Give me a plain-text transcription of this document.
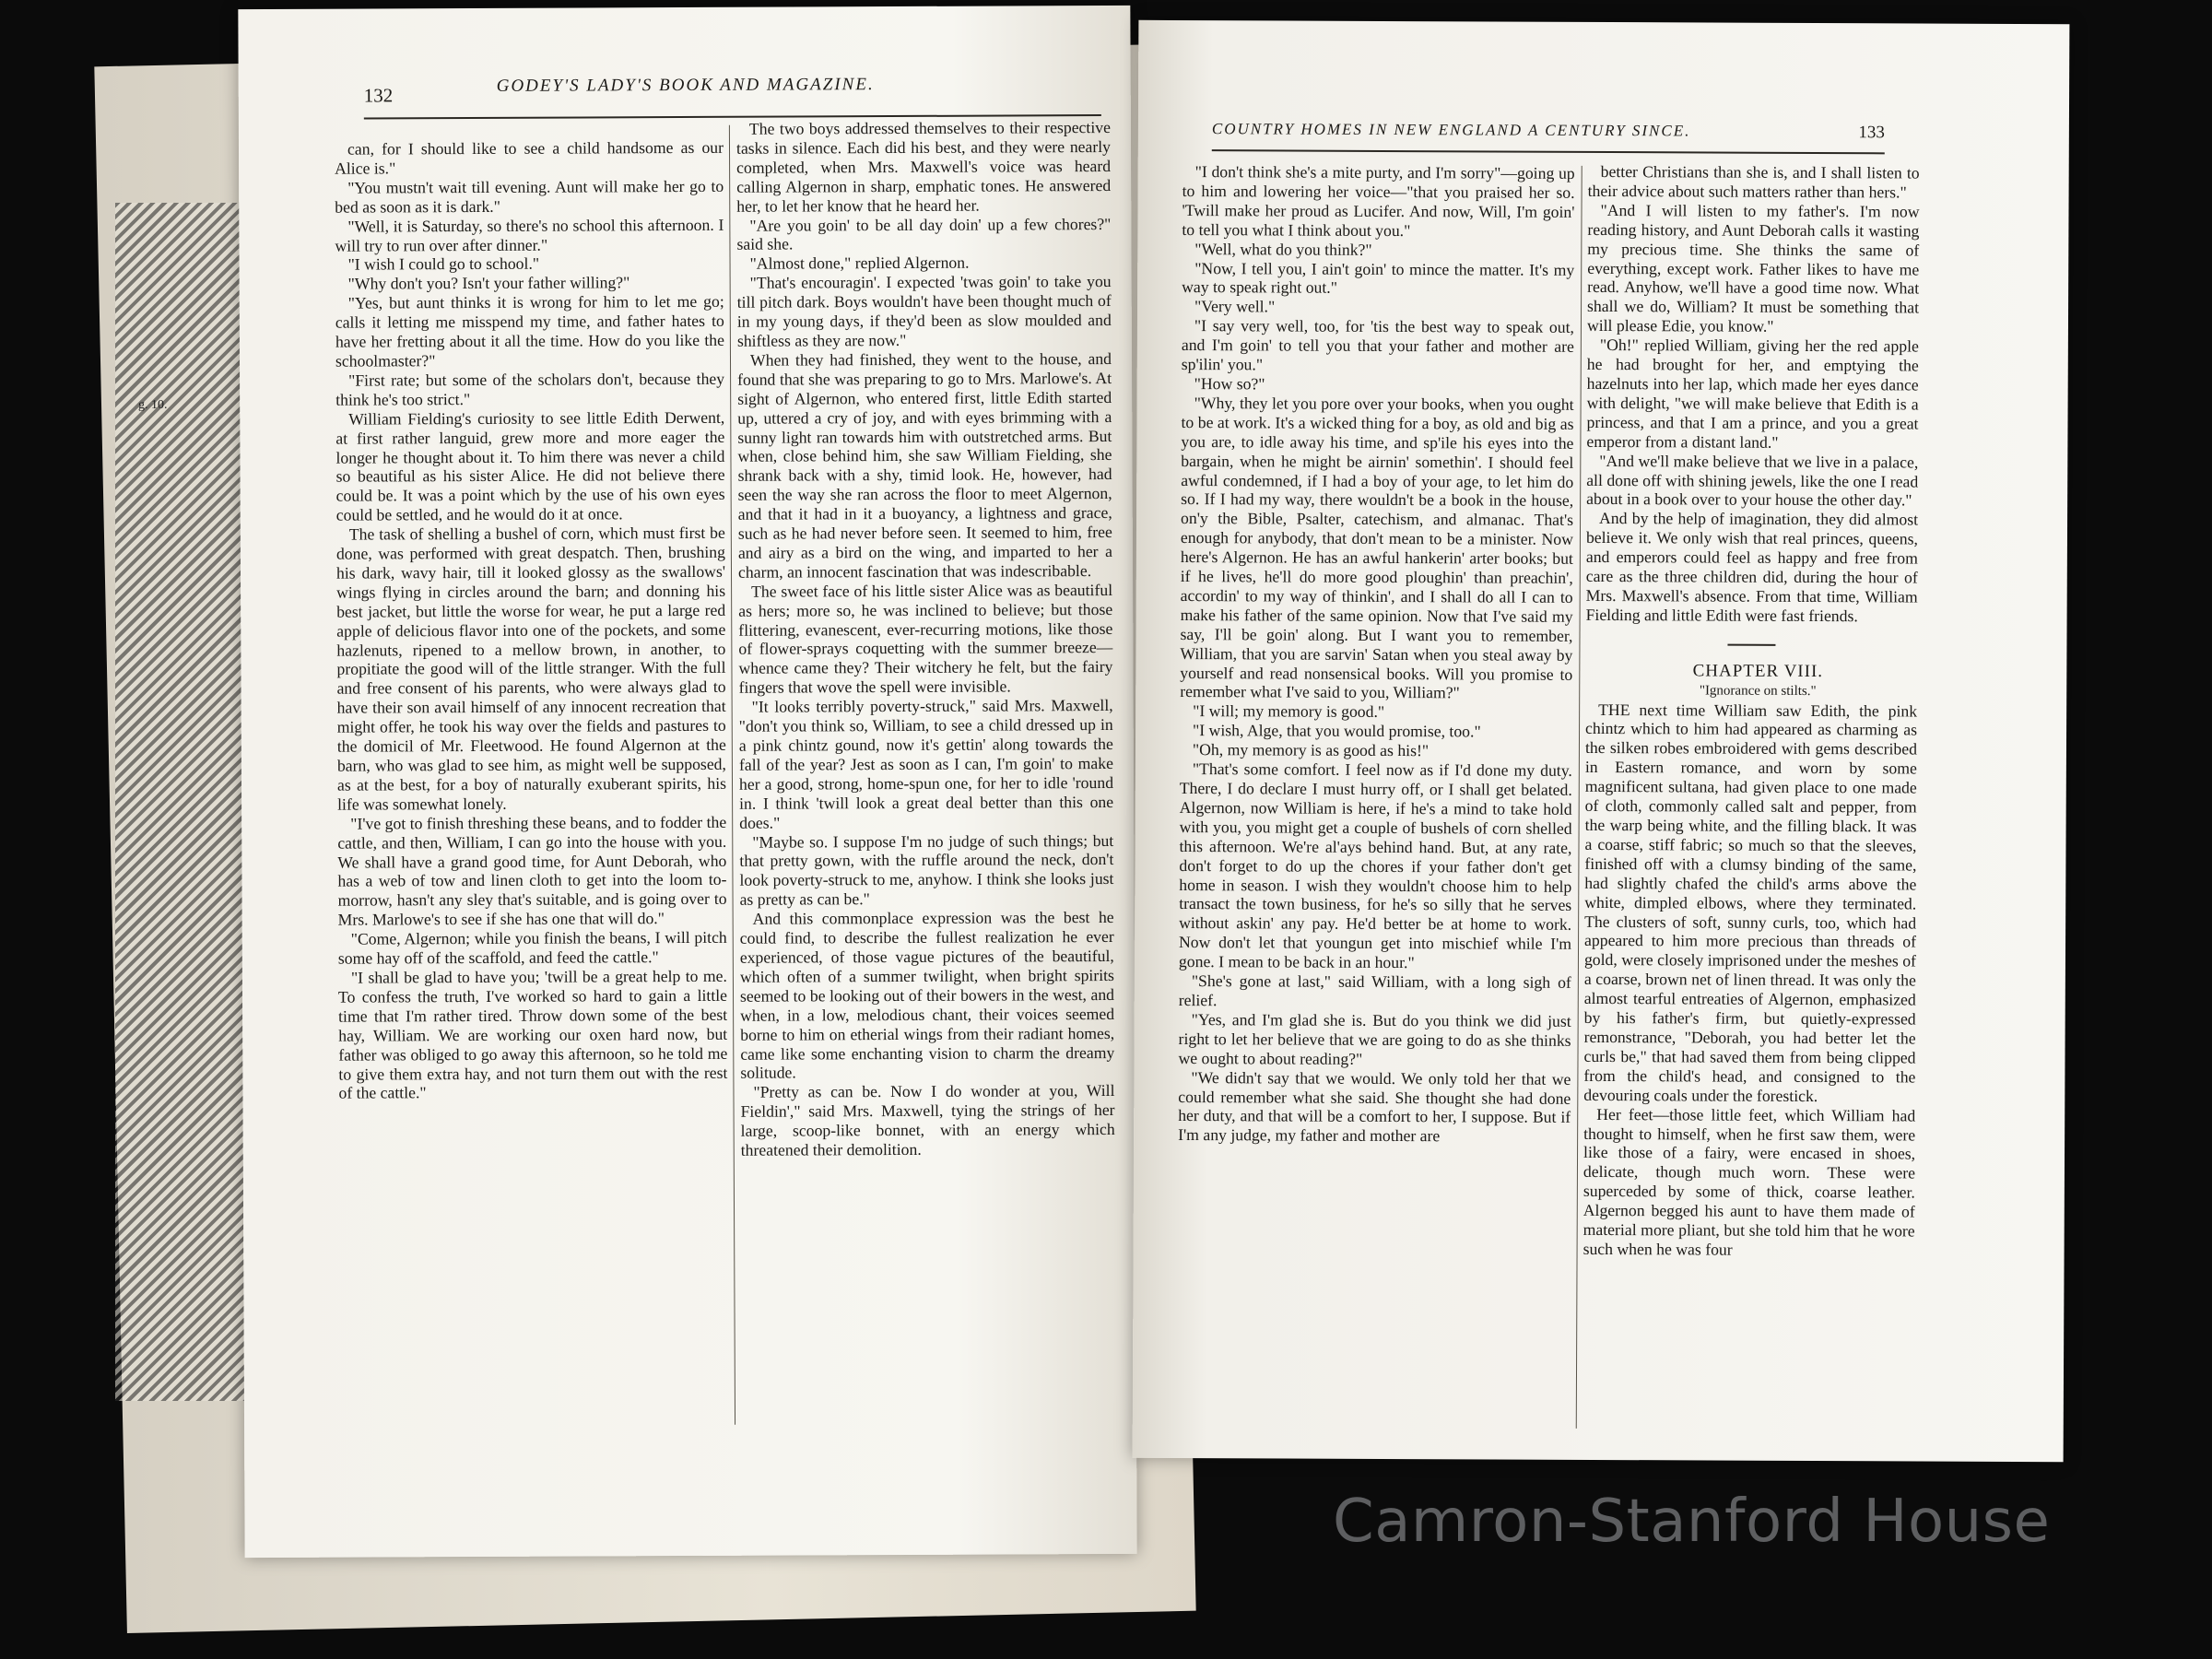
g. 10.
132	GODEY'S LADY'S BOOK AND MAGAZINE.

can, for I should like to see a child handsome as our Alice is."

"You mustn't wait till evening. Aunt will make her go to bed as soon as it is dark."

"Well, it is Saturday, so there's no school this afternoon. I will try to run over after dinner."

"I wish I could go to school."

"Why don't you? Isn't your father willing?"

"Yes, but aunt thinks it is wrong for him to let me go; calls it letting me misspend my time, and father hates to have her fretting about it all the time. How do you like the schoolmaster?"

"First rate; but some of the scholars don't, because they think he's too strict."

William Fielding's curiosity to see little Edith Derwent, at first rather languid, grew more and more eager the longer he thought about it. To him there was never a child so beautiful as his sister Alice. He did not believe there could be. It was a point which by the use of his own eyes could be settled, and he would do it at once.

The task of shelling a bushel of corn, which must first be done, was performed with great despatch. Then, brushing his dark, wavy hair, till it looked glossy as the swallows' wings flying in circles around the barn; and donning his best jacket, but little the worse for wear, he put a large red apple of delicious flavor into one of the pockets, and some hazlenuts, ripened to a mellow brown, in another, to propitiate the good will of the little stranger. With the full and free consent of his parents, who were always glad to have their son avail himself of any innocent recreation that might offer, he took his way over the fields and pastures to the domicil of Mr. Fleetwood. He found Algernon at the barn, who was glad to see him, as might well be supposed, as at the best, for a boy of naturally exuberant spirits, his life was somewhat lonely.

"I've got to finish threshing these beans, and to fodder the cattle, and then, William, I can go into the house with you. We shall have a grand good time, for Aunt Deborah, who has a web of tow and linen cloth to get into the loom to-morrow, hasn't any sley that's suitable, and is going over to Mrs. Marlowe's to see if she has one that will do."

"Come, Algernon; while you finish the beans, I will pitch some hay off of the scaffold, and feed the cattle."

"I shall be glad to have you; 'twill be a great help to me. To confess the truth, I've worked so hard to gain a little time that I'm rather tired. Throw down some of the best hay, William. We are working our oxen hard now, but father was obliged to go away this afternoon, so he told me to give them extra hay, and not turn them out with the rest of the cattle."

The two boys addressed themselves to their respective tasks in silence. Each did his best, and they were nearly completed, when Mrs. Maxwell's voice was heard calling Algernon in sharp, emphatic tones. He answered her, to let her know that he heard her.

"Are you goin' to be all day doin' up a few chores?" said she.

"Almost done," replied Algernon.

"That's encouragin'. I expected 'twas goin' to take you till pitch dark. Boys wouldn't have been thought much of in my young days, if they'd been as slow moulded and shiftless as they are now."

When they had finished, they went to the house, and found that she was preparing to go to Mrs. Marlowe's. At sight of Algernon, who entered first, little Edith started up, uttered a cry of joy, and with eyes brimming with a sunny light ran towards him with outstretched arms. But when, close behind him, she saw William Fielding, she shrank back with a shy, timid look. He, however, had seen the way she ran across the floor to meet Algernon, and that it had in it a buoyancy, a lightness and grace, such as he had never before seen. It seemed to him, free and airy as a bird on the wing, and imparted to her a charm, an innocent fascination that was indescribable.

The sweet face of his little sister Alice was as beautiful as hers; more so, he was inclined to believe; but those flittering, evanescent, ever-recurring motions, like those of flower-sprays coquetting with the summer breeze—whence came they? Their witchery he felt, but the fairy fingers that wove the spell were invisible.

"It looks terribly poverty-struck," said Mrs. Maxwell, "don't you think so, William, to see a child dressed up in a pink chintz gound, now it's gettin' along towards the fall of the year? Jest as soon as I can, I'm goin' to make her a good, strong, home-spun one, for her to idle 'round in. I think 'twill look a great deal better than this one does."

"Maybe so. I suppose I'm no judge of such things; but that pretty gown, with the ruffle around the neck, don't look poverty-struck to me, anyhow. I think she looks just as pretty as can be."

And this commonplace expression was the best he could find, to describe the fullest realization he ever experienced, of those vague pictures of the beautiful, which often of a summer twilight, when bright spirits seemed to be looking out of their bowers in the west, and when, in a low, melodious chant, their voices seemed borne to him on etherial wings from their radiant homes, came like some enchanting vision to charm the dreamy solitude.

"Pretty as can be. Now I do wonder at you, Will Fieldin'," said Mrs. Maxwell, tying the strings of her large, scoop-like bonnet, with an energy which threatened their demolition.

COUNTRY HOMES IN NEW ENGLAND A CENTURY SINCE.	133

"I don't think she's a mite purty, and I'm sorry"—going up to him and lowering her voice—"that you praised her so. 'Twill make her proud as Lucifer. And now, Will, I'm goin' to tell you what I think about you."

"Well, what do you think?"

"Now, I tell you, I ain't goin' to mince the matter. It's my way to speak right out."

"Very well."

"I say very well, too, for 'tis the best way to speak out, and I'm goin' to tell you that your father and mother are sp'ilin' you."

"How so?"

"Why, they let you pore over your books, when you ought to be at work. It's a wicked thing for a boy, as old and big as you are, to idle away his time, and sp'ile his eyes into the bargain, when he might be airnin' somethin'. I should feel awful condemned, if I had a boy of your age, to let him do so. If I had my way, there wouldn't be a book in the house, on'y the Bible, Psalter, catechism, and almanac. That's enough for anybody, that don't mean to be a minister. Now here's Algernon. He has an awful hankerin' arter books; but if he lives, he'll do more good ploughin' than preachin', accordin' to my way of thinkin', and I shall do all I can to make his father of the same opinion. Now that I've said my say, I'll be goin' along. But I want you to remember, William, that you are sarvin' Satan when you steal away by yourself and read nonsensical books. Will you promise to remember what I've said to you, William?"

"I will; my memory is good."

"I wish, Alge, that you would promise, too."

"Oh, my memory is as good as his!"

"That's some comfort. I feel now as if I'd done my duty. There, I do declare I must hurry off, or I shall get belated. Algernon, now William is here, if he's a mind to take hold with you, you might get a couple of bushels of corn shelled this afternoon. We're al'ays behind hand. But, at any rate, don't forget to do up the chores if your father don't get home in season. I wish they wouldn't choose him to help transact the town business, for he's so silly that he serves without askin' any pay. He'd better be at home to work. Now don't let that youngun get into mischief while I'm gone. I mean to be back in an hour."

"She's gone at last," said William, with a long sigh of relief.

"Yes, and I'm glad she is. But do you think we did just right to let her believe that we are going to do as she thinks we ought to about reading?"

"We didn't say that we would. We only told her that we could remember what she said. She thought she had done her duty, and that will be a comfort to her, I suppose. But if I'm any judge, my father and mother are

better Christians than she is, and I shall listen to their advice about such matters rather than hers."

"And I will listen to my father's. I'm now reading history, and Aunt Deborah calls it wasting my precious time. She thinks the same of everything, except work. Father likes to have me read. Anyhow, we'll have a good time now. What shall we do, William? It must be something that will please Edie, you know."

"Oh!" replied William, giving her the red apple he had brought for her, and emptying the hazelnuts into her lap, which made her eyes dance with delight, "we will make believe that Edith is a princess, and that I am a prince, and you a great emperor from a distant land."

"And we'll make believe that we live in a palace, all done off with shining jewels, like the one I read about in a book over to your house the other day."

And by the help of imagination, they did almost believe it. We only wish that real princes, queens, and emperors could feel as happy and free from care as the three children did, during the hour of Mrs. Maxwell's absence. From that time, William Fielding and little Edith were fast friends.

CHAPTER VIII.

"Ignorance on stilts."

THE next time William saw Edith, the pink chintz which to him had appeared as charming as the silken robes embroidered with gems described in Eastern romance, and worn by some magnificent sultana, had given place to one made of cloth, commonly called salt and pepper, from the warp being white, and the filling black. It was a coarse, stiff fabric; so much so that the sleeves, finished off with a clumsy binding of the same, had slightly chafed the child's arms above the white, dimpled elbows, where they terminated. The clusters of soft, sunny curls, too, which had appeared to him more precious than threads of gold, were closely imprisoned under the meshes of a coarse, brown net of linen thread. It was only the almost tearful entreaties of Algernon, emphasized by his father's firm, but quietly-expressed remonstrance, "Deborah, you had better let the curls be," that had saved them from being clipped from the child's head, and consigned to the devouring coals under the forestick.

Her feet—those little feet, which William had thought to himself, when he first saw them, were like those of a fairy, were encased in shoes, delicate, though much worn. These were superceded by some of thick, coarse leather. Algernon begged his aunt to have them made of material more pliant, but she told him that he wore such when he was four

Camron-Stanford House
